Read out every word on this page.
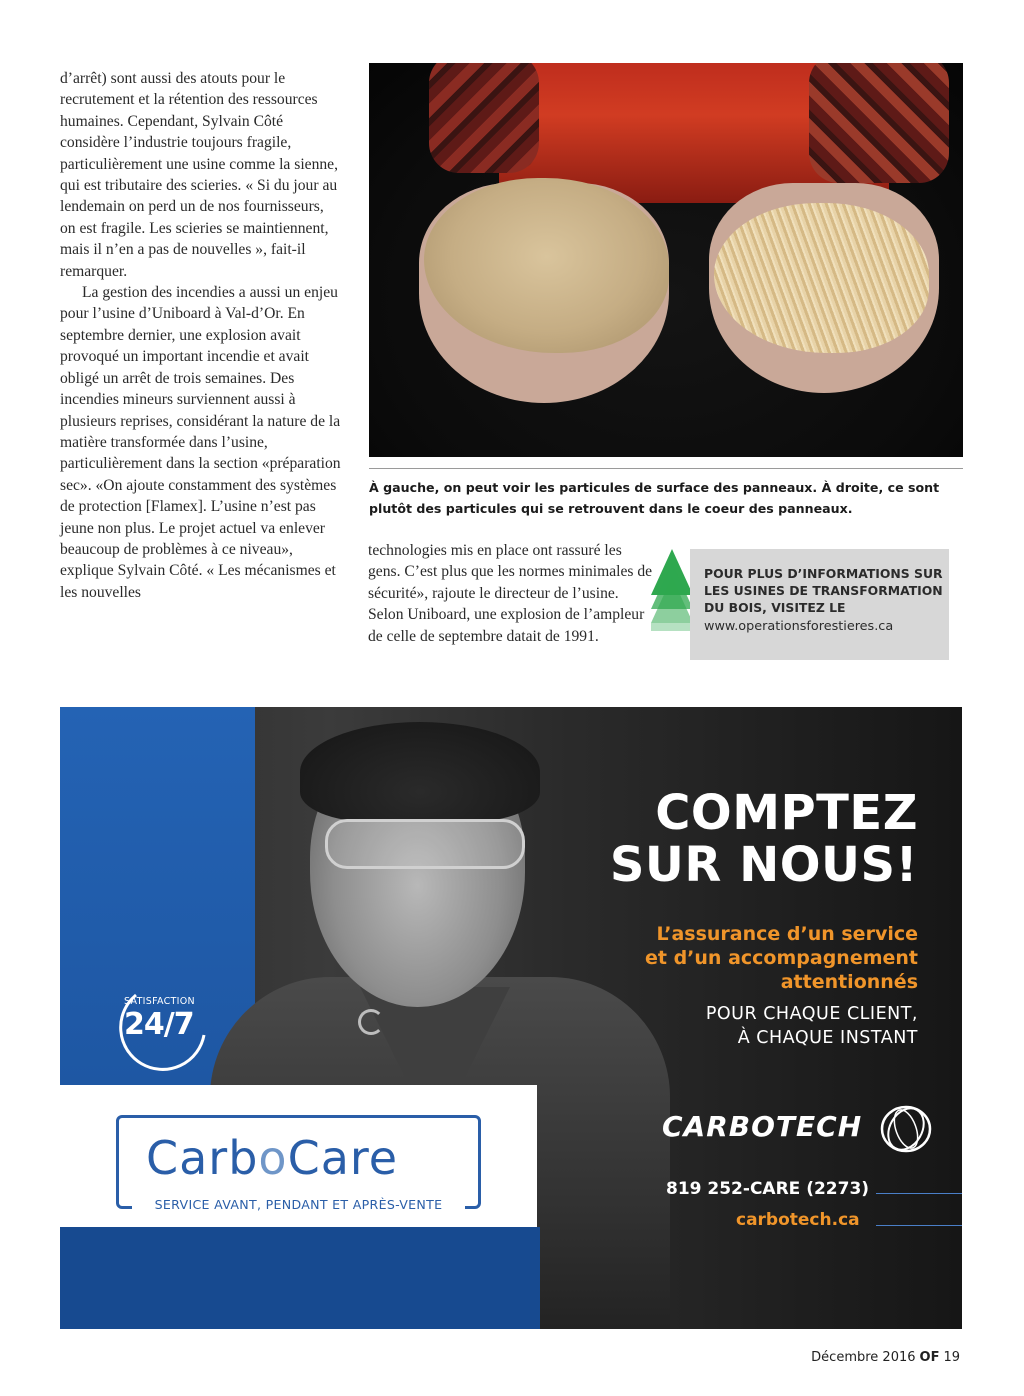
d’arrêt) sont aussi des atouts pour le recrutement et la rétention des ressources humaines. Cependant, Sylvain Côté considère l’industrie toujours fragile, particulièrement une usine comme la sienne, qui est tributaire des scieries. « Si du jour au lendemain on perd un de nos fournisseurs, on est fragile. Les scieries se maintiennent, mais il n’en a pas de nouvelles », fait-il remarquer.

La gestion des incendies a aussi un enjeu pour l’usine d’Uniboard à Val-d’Or. En septembre dernier, une explosion avait provoqué un important incendie et avait obligé un arrêt de trois semaines. Des incendies mineurs surviennent aussi à plusieurs reprises, considérant la nature de la matière transformée dans l’usine, particulièrement dans la section «préparation sec». «On ajoute constamment des systèmes de protection [Flamex]. L’usine n’est pas jeune non plus. Le projet actuel va enlever beaucoup de problèmes à ce niveau», explique Sylvain Côté. « Les mécanismes et les nouvelles

À gauche, on peut voir les particules de surface des panneaux. À droite, ce sont plutôt des particules qui se retrouvent dans le coeur des panneaux.
technologies mis en place ont rassuré les gens. C’est plus que les normes minimales de sécurité», rajoute le directeur de l’usine. Selon Uniboard, une explosion de l’ampleur de celle de septembre datait de 1991.
POUR PLUS D’INFORMATIONS SUR LES USINES DE TRANSFORMATION DU BOIS, VISITEZ LE
www.operationsforestieres.ca
SATISFACTION
24/7
COMPTEZ
SUR NOUS!
L’assurance d’un service
et d’un accompagnement
attentionnés
POUR CHAQUE CLIENT,
À CHAQUE INSTANT
CARBOTECH
819 252-CARE (2273)
carbotech.ca
CarboCare
SERVICE AVANT, PENDANT ET APRÈS-VENTE
Décembre 2016 OF 19
